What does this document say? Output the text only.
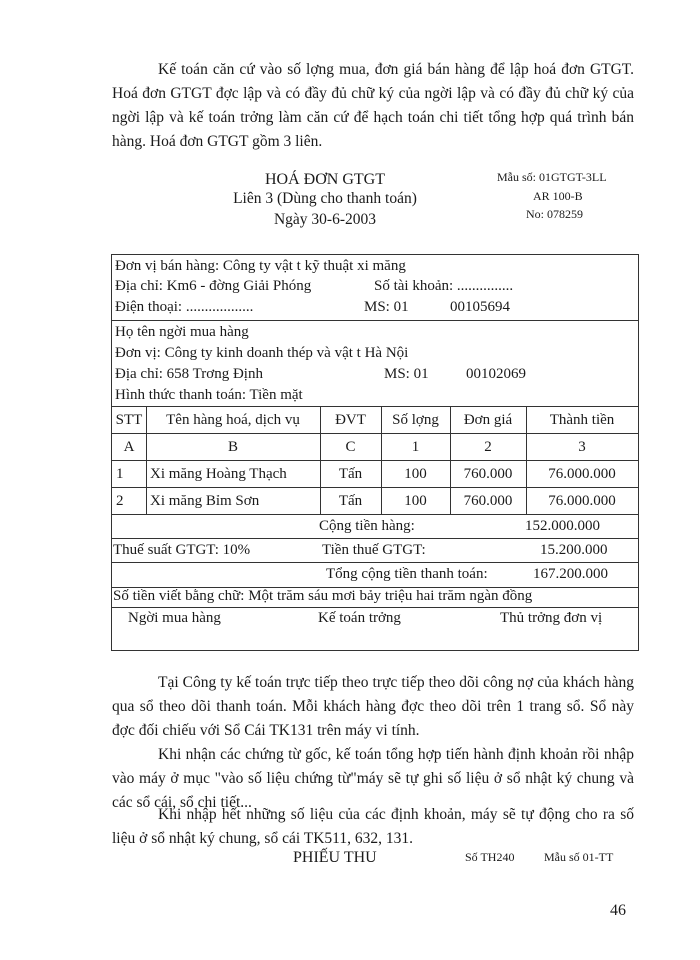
Kế toán căn cứ vào số lợng mua, đơn giá bán hàng để lập hoá đơn GTGT. Hoá đơn GTGT đợc lập và có đầy đủ chữ ký của ngời lập và có đầy đủ chữ ký của ngời lập và kế toán trởng làm căn cứ để hạch toán chi tiết tổng hợp quá trình bán hàng. Hoá đơn GTGT gồm 3 liên.

HOÁ ĐƠN GTGT
Liên 3 (Dùng cho thanh toán)
Ngày 30-6-2003
Mẫu số: 01GTGT-3LL
AR 100-B
No: 078259
Đơn vị bán hàng: Công ty vật t kỹ thuật xi măng
Địa chỉ: Km6 - đờng Giải Phóng	Số tài khoản: ...............
Điện thoại: ..................	MS: 01	00105694
Họ tên ngời mua hàng
Đơn vị: Công ty kinh doanh thép và vật t Hà Nội
Địa chỉ: 658 Trơng Định	MS: 01 00102069
Hình thức thanh toán: Tiền mặt
STT	Tên hàng hoá, dịch vụ	ĐVT	Số lợng	Đơn giá	Thành tiền
A	B	C	1	2	3
1	Xi măng Hoàng Thạch	Tấn	100	760.000	76.000.000
2	Xi măng Bỉm Sơn	Tấn	100	760.000	76.000.000
Cộng tiền hàng:	152.000.000
Thuế suất GTGT: 10%	Tiền thuế GTGT:	15.200.000
Tổng cộng tiền thanh toán:	167.200.000
Số tiền viết bằng chữ: Một trăm sáu mơi bảy triệu hai trăm ngàn đồng
Ngời mua hàng	Kế toán trởng	Thủ trởng đơn vị

Tại Công ty kế toán trực tiếp theo trực tiếp theo dõi công nợ của khách hàng qua sổ theo dõi thanh toán. Mỗi khách hàng đợc theo dõi trên 1 trang sổ. Sổ này đợc đối chiếu với Sổ Cái TK131 trên máy vi tính.

Khi nhận các chứng từ gốc, kế toán tổng hợp tiến hành định khoản rồi nhập vào máy ở mục "vào số liệu chứng từ"máy sẽ tự ghi số liệu ở sổ nhật ký chung và các sổ cái, sổ chi tiết...

Khi nhập hết những số liệu của các định khoản, máy sẽ tự động cho ra số liệu ở sổ nhật ký chung, sổ cái TK511, 632, 131.

PHIẾU THU	Số TH240 Mẫu số 01-TT
46
